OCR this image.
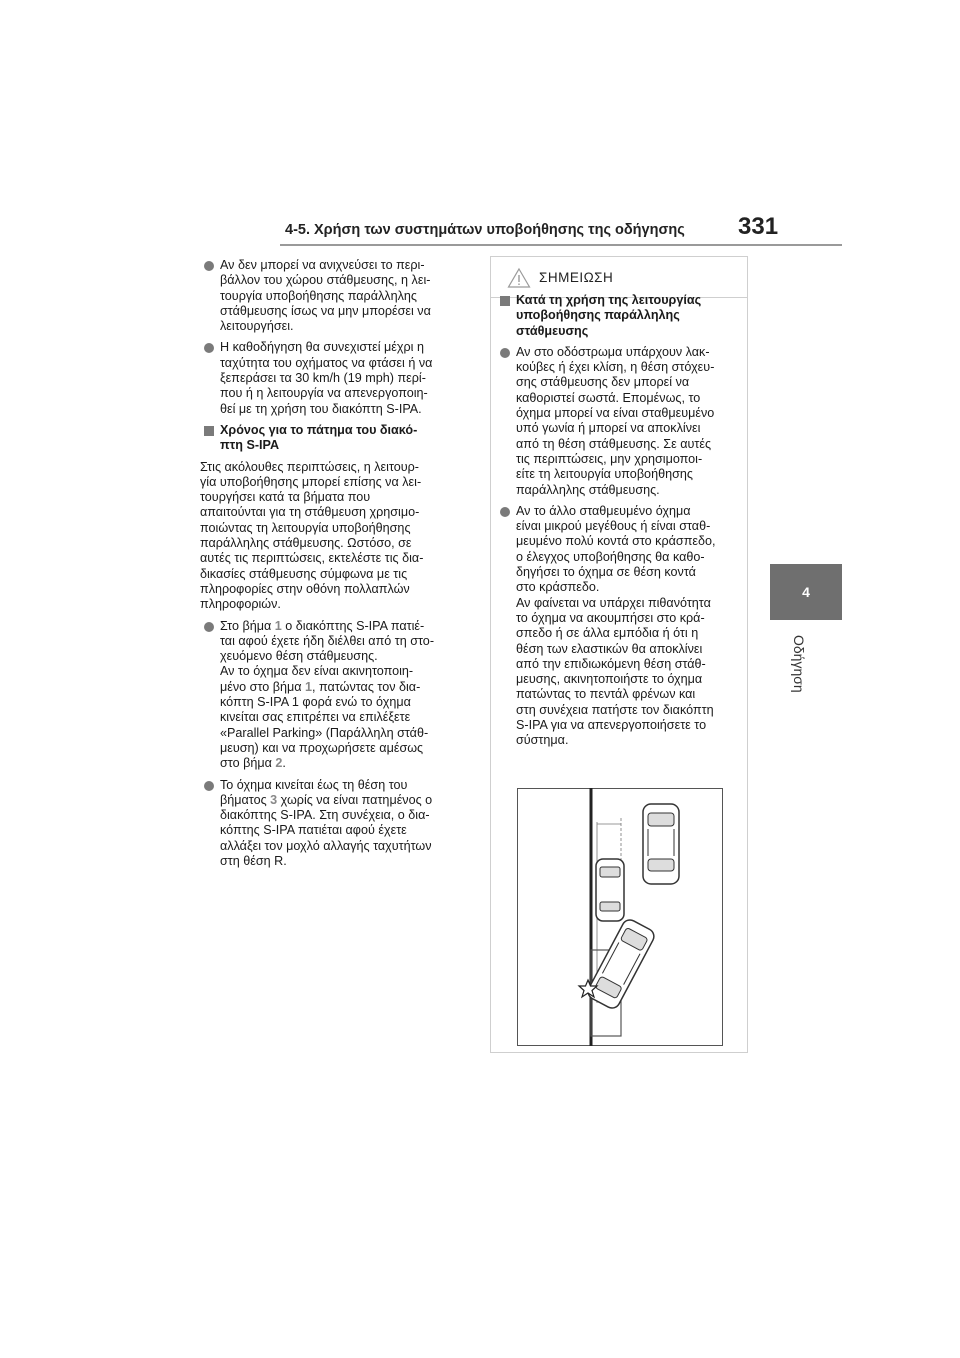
4-5. Χρήση των συστημάτων υποβοήθησης της οδήγησης 331
4
Οδήγηση
Αν δεν μπορεί να ανιχνεύσει το περι-
βάλλον του χώρου στάθμευσης, η λει-
τουργία υποβοήθησης παράλληλης
στάθμευσης ίσως να μην μπορέσει να
λειτουργήσει.
Η καθοδήγηση θα συνεχιστεί μέχρι η
ταχύτητα του οχήματος να φτάσει ή να
ξεπεράσει τα 30 km/h (19 mph) περί-
που ή η λειτουργία να απενεργοποιη-
θεί με τη χρήση του διακόπτη S-IPA.
Χρόνος για το πάτημα του διακό-
πτη S-IPA
Στις ακόλουθες περιπτώσεις, η λειτουρ-
γία υποβοήθησης μπορεί επίσης να λει-
τουργήσει κατά τα βήματα που
απαιτούνται για τη στάθμευση χρησιμο-
ποιώντας τη λειτουργία υποβοήθησης
παράλληλης στάθμευσης. Ωστόσο, σε
αυτές τις περιπτώσεις, εκτελέστε τις δια-
δικασίες στάθμευσης σύμφωνα με τις
πληροφορίες στην οθόνη πολλαπλών
πληροφοριών.
Στο βήμα 1 ο διακόπτης S-IPA πατιέ-
ται αφού έχετε ήδη διέλθει από τη στο-
χευόμενο θέση στάθμευσης.
Αν το όχημα δεν είναι ακινητοποιη-
μένο στο βήμα 1, πατώντας τον δια-
κόπτη S-IPA 1 φορά ενώ το όχημα
κινείται σας επιτρέπει να επιλέξετε
«Parallel Parking» (Παράλληλη στάθ-
μευση) και να προχωρήσετε αμέσως
στο βήμα 2.
Το όχημα κινείται έως τη θέση του
βήματος 3 χωρίς να είναι πατημένος ο
διακόπτης S-IPA. Στη συνέχεια, ο δια-
κόπτης S-IPA πατιέται αφού έχετε
αλλάξει τον μοχλό αλλαγής ταχυτήτων
στη θέση R.
ΣΗΜΕΙΩΣΗ
Κατά τη χρήση της λειτουργίας
υποβοήθησης παράλληλης
στάθμευσης
Αν στο οδόστρωμα υπάρχουν λακ-
κούβες ή έχει κλίση, η θέση στόχευ-
σης στάθμευσης δεν μπορεί να
καθοριστεί σωστά. Επομένως, το
όχημα μπορεί να είναι σταθμευμένο
υπό γωνία ή μπορεί να αποκλίνει
από τη θέση στάθμευσης. Σε αυτές
τις περιπτώσεις, μην χρησιμοποι-
είτε τη λειτουργία υποβοήθησης
παράλληλης στάθμευσης.
Αν το άλλο σταθμευμένο όχημα
είναι μικρού μεγέθους ή είναι σταθ-
μευμένο πολύ κοντά στο κράσπεδο,
ο έλεγχος υποβοήθησης θα καθο-
δηγήσει το όχημα σε θέση κοντά
στο κράσπεδο.
Αν φαίνεται να υπάρχει πιθανότητα
το όχημα να ακουμπήσει στο κρά-
σπεδο ή σε άλλα εμπόδια ή ότι η
θέση των ελαστικών θα αποκλίνει
από την επιδιωκόμενη θέση στάθ-
μευσης, ακινητοποιήστε το όχημα
πατώντας το πεντάλ φρένων και
στη συνέχεια πατήστε τον διακόπτη
S-IPA για να απενεργοποιήσετε το
σύστημα.
